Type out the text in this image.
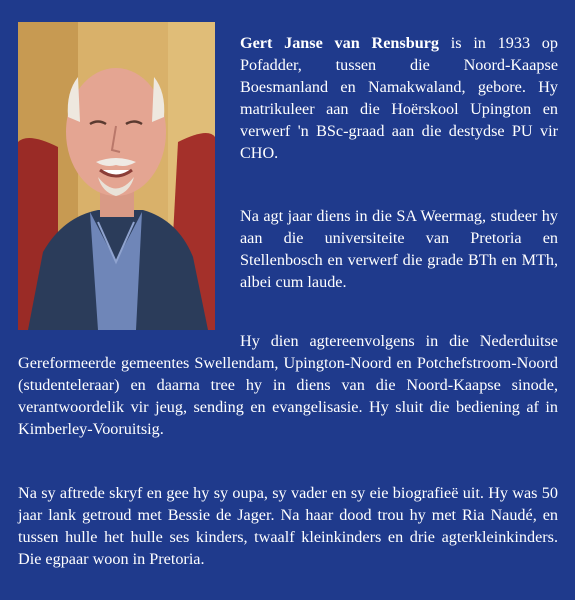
Gert Janse van Rensburg is in 1933 op Pofadder, tussen die Noord-Kaapse Boesmanland en Namakwaland, gebore. Hy matrikuleer aan die Hoërskool Upington en verwerf 'n BSc-graad aan die destydse PU vir CHO.
Na agt jaar diens in die SA Weermag, studeer hy aan die universiteite van Pretoria en Stellenbosch en verwerf die grade BTh en MTh, albei cum laude.
Hy dien agtereenvolgens in die Nederduitse Gereformeerde gemeentes Swellendam, Upington-Noord en Potchefstroom-Noord (studenteleraar) en daarna tree hy in diens van die Noord-Kaapse sinode, verantwoordelik vir jeug, sending en evangelisasie. Hy sluit die bediening af in Kimberley-Vooruitsig.
Na sy aftrede skryf en gee hy sy oupa, sy vader en sy eie biografieë uit. Hy was 50 jaar lank getroud met Bessie de Jager. Na haar dood trou hy met Ria Naudé, en tussen hulle het hulle ses kinders, twaalf kleinkinders en drie agterkleinkinders. Die egpaar woon in Pretoria.
